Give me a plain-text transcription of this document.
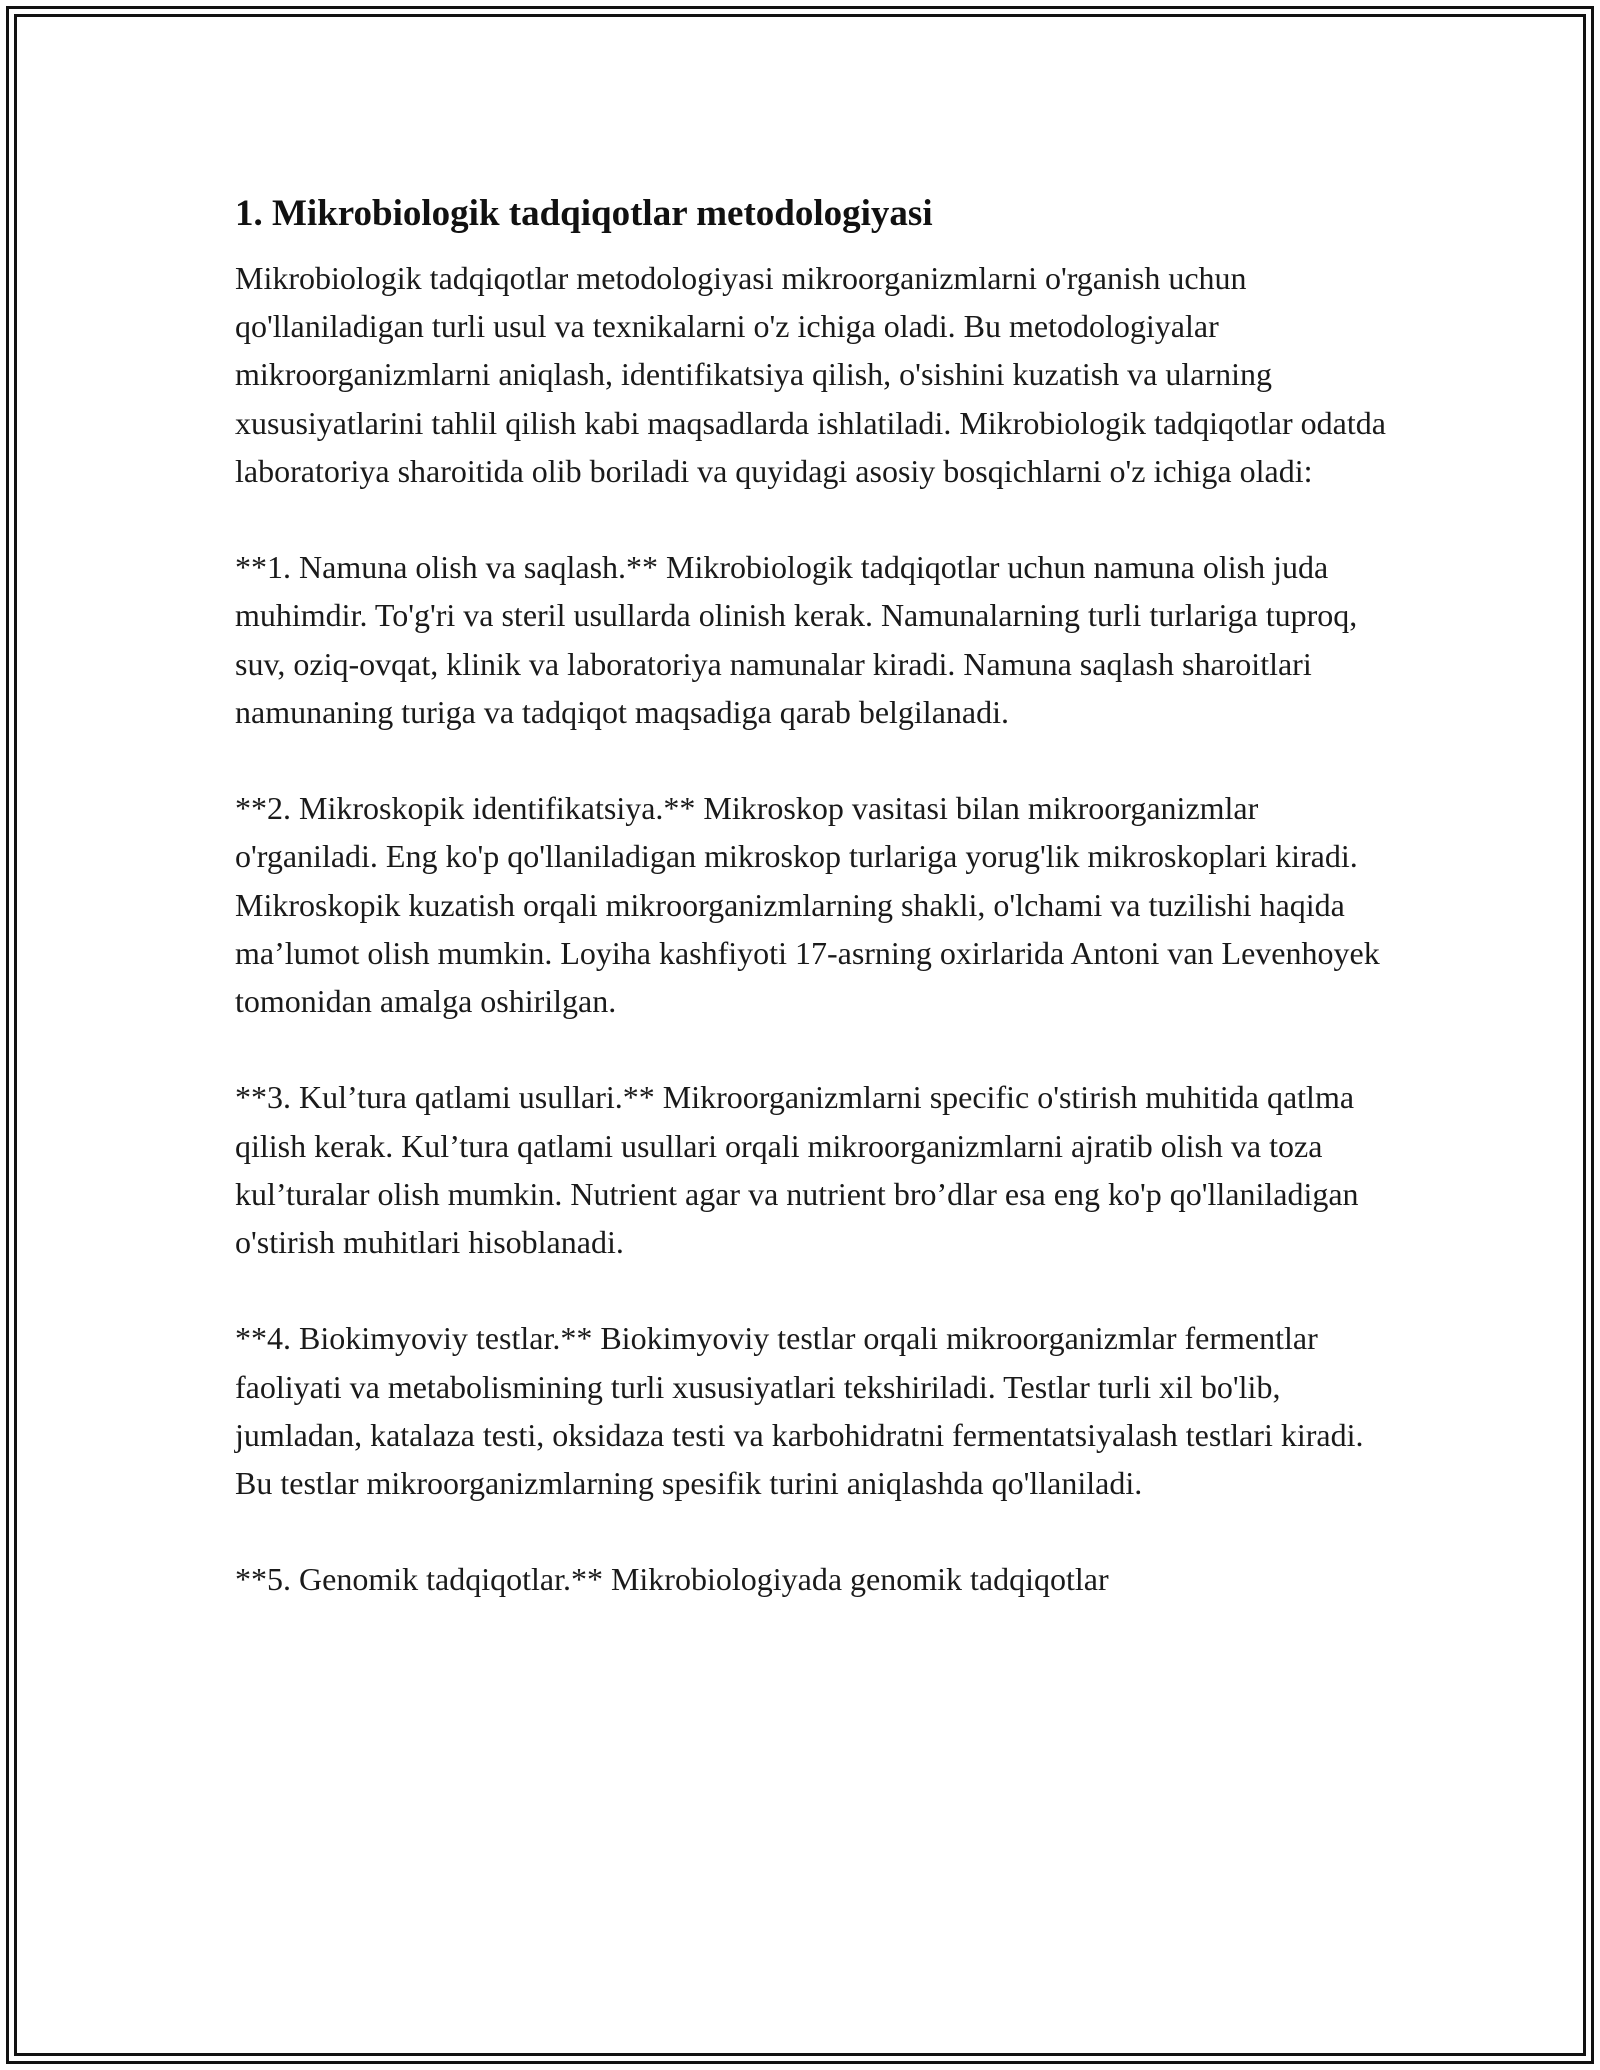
1. Mikrobiologik tadqiqotlar metodologiyasi

Mikrobiologik tadqiqotlar metodologiyasi mikroorganizmlarni o'rganish uchun qo'llaniladigan turli usul va texnikalarni o'z ichiga oladi. Bu metodologiyalar mikroorganizmlarni aniqlash, identifikatsiya qilish, o'sishini kuzatish va ularning xususiyatlarini tahlil qilish kabi maqsadlarda ishlatiladi. Mikrobiologik tadqiqotlar odatda laboratoriya sharoitida olib boriladi va quyidagi asosiy bosqichlarni o'z ichiga oladi:

**1. Namuna olish va saqlash.** Mikrobiologik tadqiqotlar uchun namuna olish juda muhimdir. To'g'ri va steril usullarda olinish kerak. Namunalarning turli turlariga tuproq, suv, oziq-ovqat, klinik va laboratoriya namunalar kiradi. Namuna saqlash sharoitlari namunaning turiga va tadqiqot maqsadiga qarab belgilanadi.

**2. Mikroskopik identifikatsiya.** Mikroskop vasitasi bilan mikroorganizmlar o'rganiladi. Eng ko'p qo'llaniladigan mikroskop turlariga yorug'lik mikroskoplari kiradi. Mikroskopik kuzatish orqali mikroorganizmlarning shakli, o'lchami va tuzilishi haqida ma’lumot olish mumkin. Loyiha kashfiyoti 17-asrning oxirlarida Antoni van Levenhoyek tomonidan amalga oshirilgan.

**3. Kul’tura qatlami usullari.** Mikroorganizmlarni specific o'stirish muhitida qatlma qilish kerak. Kul’tura qatlami usullari orqali mikroorganizmlarni ajratib olish va toza kul’turalar olish mumkin. Nutrient agar va nutrient bro’dlar esa eng ko'p qo'llaniladigan o'stirish muhitlari hisoblanadi.

**4. Biokimyoviy testlar.** Biokimyoviy testlar orqali mikroorganizmlar fermentlar faoliyati va metabolismining turli xususiyatlari tekshiriladi. Testlar turli xil bo'lib, jumladan, katalaza testi, oksidaza testi va karbohidratni fermentatsiyalash testlari kiradi. Bu testlar mikroorganizmlarning spesifik turini aniqlashda qo'llaniladi.

**5. Genomik tadqiqotlar.** Mikrobiologiyada genomik tadqiqotlar
